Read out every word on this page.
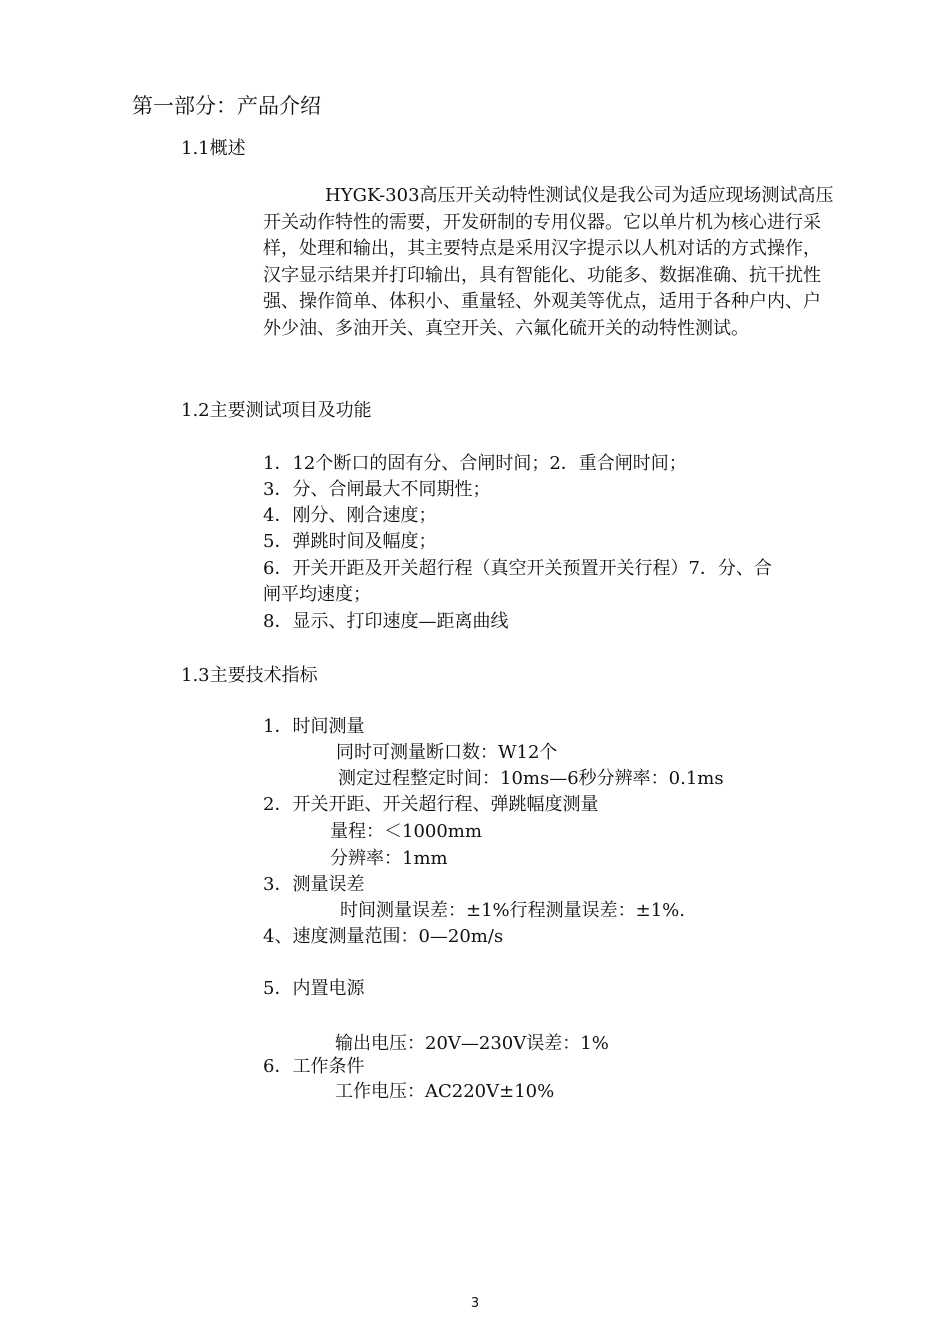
第一部分：产品介绍
1.1概述
HYGK-303高压开关动特性测试仪是我公司为适应现场测试高压开关动作特性的需要，开发研制的专用仪器。它以单片机为核心进行采样，处理和输出，其主要特点是采用汉字提示以人机对话的方式操作，汉字显示结果并打印输出，具有智能化、功能多、数据准确、抗干扰性强、操作简单、体积小、重量轻、外观美等优点，适用于各种户内、户外少油、多油开关、真空开关、六氟化硫开关的动特性测试。
1.2主要测试项目及功能
1．12个断口的固有分、合闸时间；2．重合闸时间；
3．分、合闸最大不同期性；
4．刚分、刚合速度；
5．弹跳时间及幅度；
6．开关开距及开关超行程（真空开关预置开关行程）7．分、合
闸平均速度；
8．显示、打印速度—距离曲线
1.3主要技术指标
1．时间测量
同时可测量断口数：W12个
测定过程整定时间：10ms—6秒分辨率：0.1ms
2．开关开距、开关超行程、弹跳幅度测量
量程：＜1000mm
分辨率：1mm
3．测量误差
时间测量误差：±1%行程测量误差：±1%.
4、速度测量范围：0—20m/s
5．内置电源
输出电压：20V—230V误差：1%
6．工作条件
工作电压：AC220V±10%
3
